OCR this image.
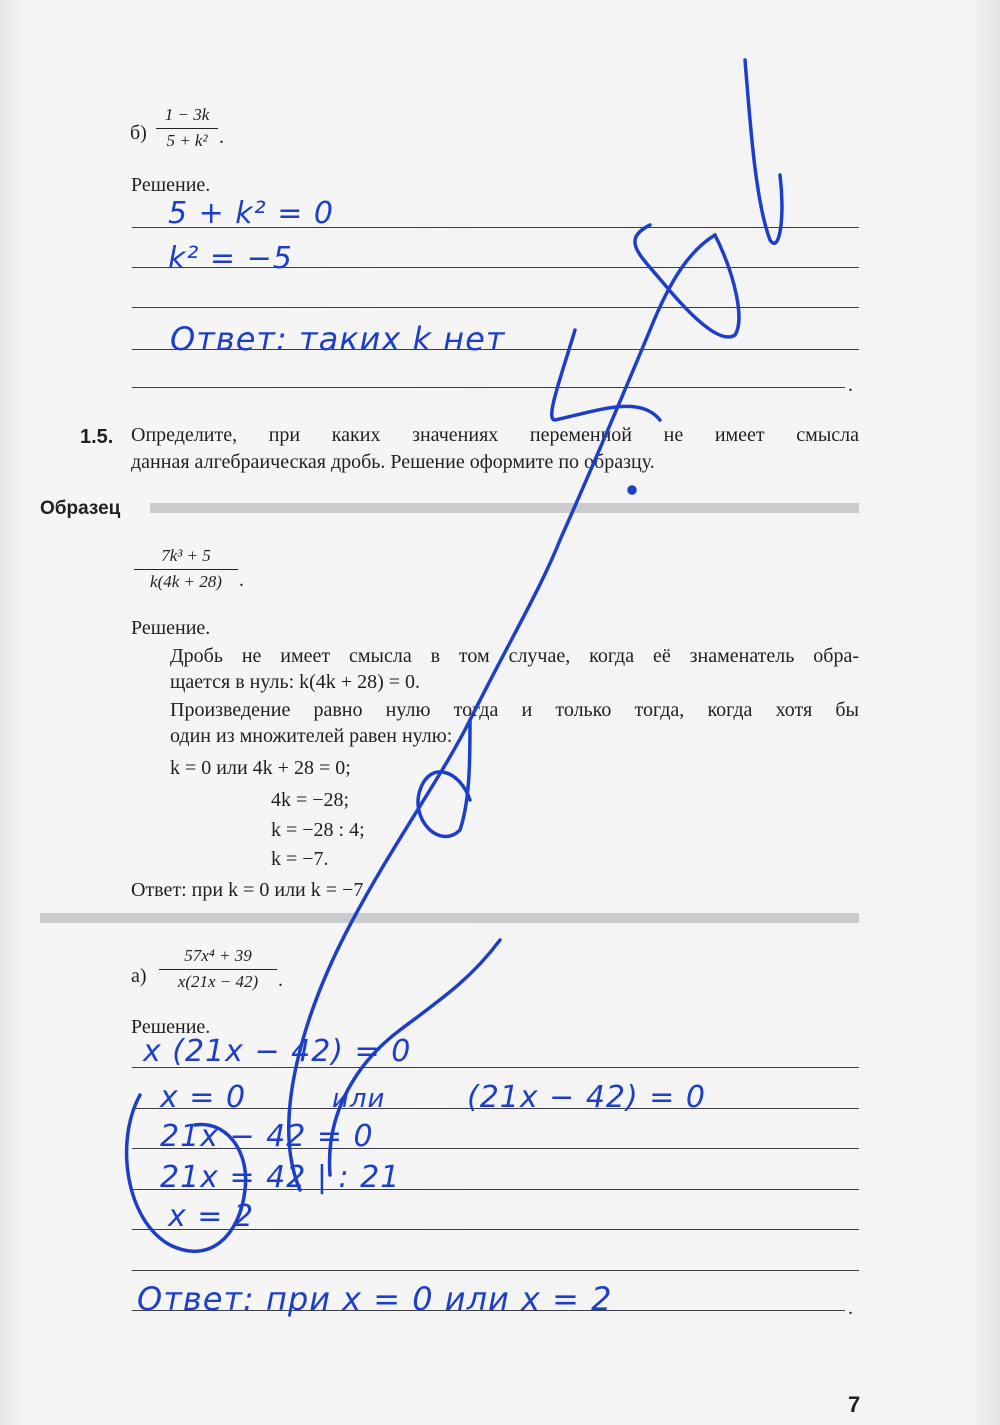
$б) \frac{1 - 3k}{\text{5 + k²}}$ .
Решение.
.
5 + k² = 0
k² = −5
Ответ: таких k нет
1.5. Определите, при каких значениях переменной не имеет смысла
данная алгебраическая дробь. Решение оформите по образцу.
Образец
$\frac{\text{7k³ + 5}}{k(4k + 28)}$ .
Решение.
Дробь не имеет смысла в том случае, когда её знаменатель обра-
щается в нуль: k(4k + 28) = 0.
Произведение равно нулю тогда и только тогда, когда хотя бы
один из множителей равен нулю:
k = 0 или 4k + 28 = 0;
4k = −28;
k = −28 : 4;
k = −7.
Ответ: при k = 0 или k = −7.
$а) \frac{\text{57x⁴ + 39}}{x(21x - 42)}$ .
Решение.
.
x (21x − 42) = 0
x = 0	или	(21x − 42) = 0
21x − 42 = 0
21x = 42 | : 21
x = 2
Ответ: при x = 0 или x = 2
7
